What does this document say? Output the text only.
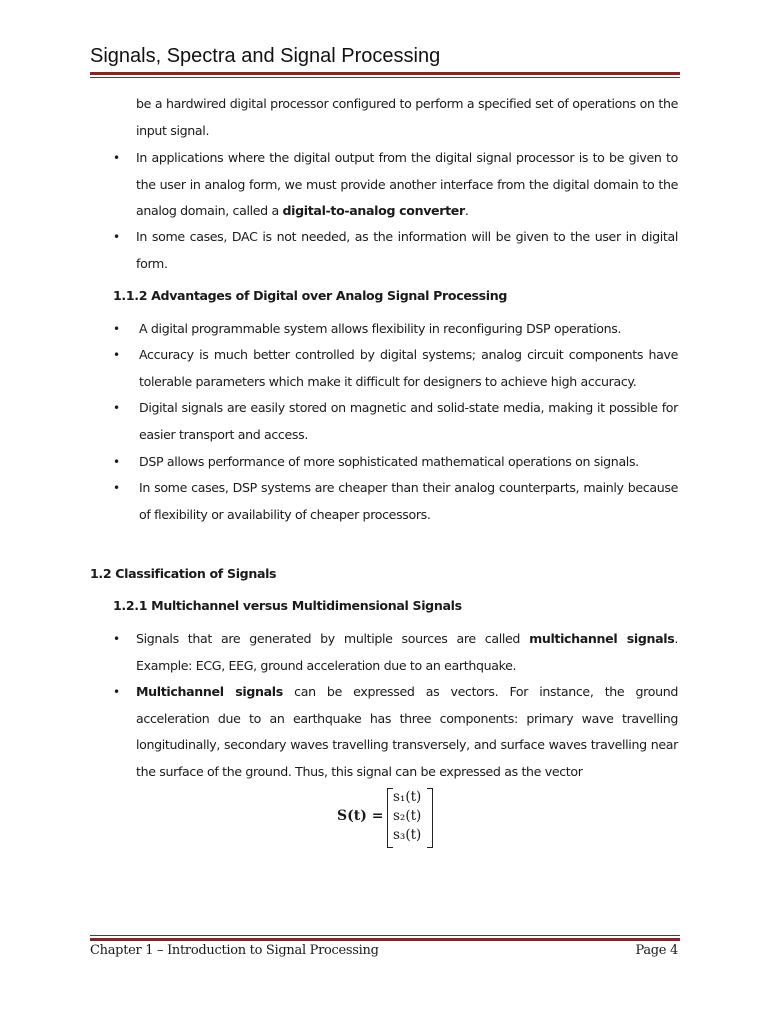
Signals, Spectra and Signal Processing
be a hardwired digital processor configured to perform a specified set of operations on the input signal.
• In applications where the digital output from the digital signal processor is to be given to the user in analog form, we must provide another interface from the digital domain to the analog domain, called a digital-to-analog converter.
• In some cases, DAC is not needed, as the information will be given to the user in digital form.
1.1.2 Advantages of Digital over Analog Signal Processing
• A digital programmable system allows flexibility in reconfiguring DSP operations.
• Accuracy is much better controlled by digital systems; analog circuit components have tolerable parameters which make it difficult for designers to achieve high accuracy.
• Digital signals are easily stored on magnetic and solid-state media, making it possible for easier transport and access.
• DSP allows performance of more sophisticated mathematical operations on signals.
• In some cases, DSP systems are cheaper than their analog counterparts, mainly because of flexibility or availability of cheaper processors.
1.2 Classification of Signals
1.2.1 Multichannel versus Multidimensional Signals
• Signals that are generated by multiple sources are called multichannel signals. Example: ECG, EEG, ground acceleration due to an earthquake.
• Multichannel signals can be expressed as vectors. For instance, the ground acceleration due to an earthquake has three components: primary wave travelling longitudinally, secondary waves travelling transversely, and surface waves travelling near the surface of the ground. Thus, this signal can be expressed as the vector
S(t) =
s₁(t)
s₂(t)
s₃(t)
Chapter 1 – Introduction to Signal Processing	Page 4
